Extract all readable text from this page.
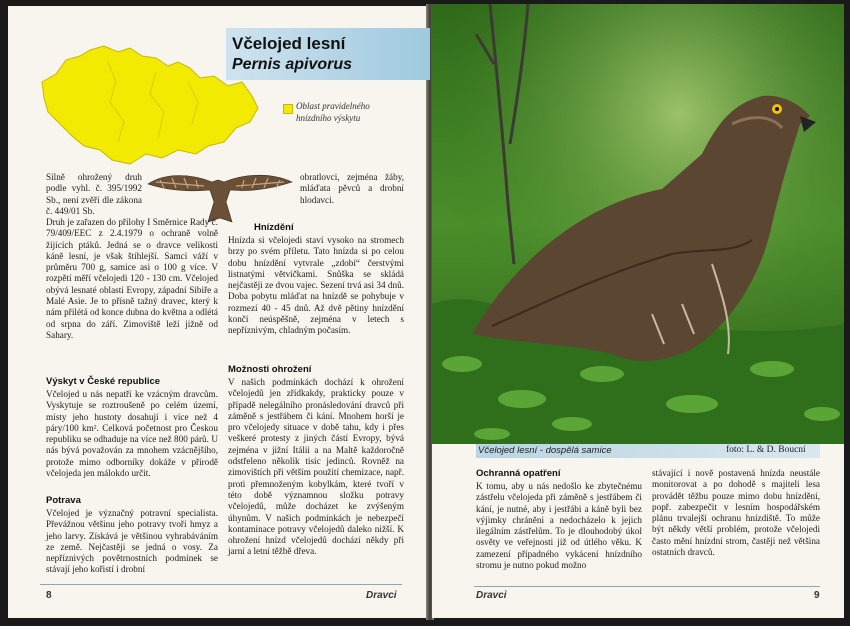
Včelojed lesní
Pernis apivorus
Oblast pravidelného hnízdního výskytu
Silně ohrožený druh podle vyhl. č. 395/1992 Sb., není zvěří dle zákona č. 449/01 Sb.
Druh je zařazen do přílohy I Směrnice Rady č. 79/409/EEC z 2.4.1979 o ochraně volně žijících ptáků. Jedná se o dravce velikosti káně lesní, je však štíhlejší. Samci váží v průměru 700 g, samice asi o 100 g více. V rozpětí měří včelojedi 120 - 130 cm. Včelojed obývá lesnaté oblasti Evropy, západní Sibiře a Malé Asie. Je to přísně tažný dravec, který k nám přilétá od konce dubna do května a odlétá od srpna do září. Zimoviště leží jižně od Sahary.
Výskyt v České republice
Včelojed u nás nepatří ke vzácným dravcům. Vyskytuje se roztroušeně po celém území, místy jeho hustoty dosahují i více než 4 páry/100 km². Celková početnost pro Českou republiku se odhaduje na více než 800 párů. U nás bývá považován za mnohem vzácnějšího, protože mimo odborníky dokáže v přírodě včelojeda jen málokdo určit.
Potrava
Včelojed je význačný potravní specialista. Převážnou většinu jeho potravy tvoří hmyz a jeho larvy. Získává je většinou vyhrabáváním ze země. Nejčastěji se jedná o vosy. Za nepříznivých povětrnostních podmínek se stávají jeho kořistí i drobní
obratlovci, zejména žáby, mláďata pěvců a drobní hlodavci.
Hnízdění
Hnízda si včelojedi staví vysoko na stromech brzy po svém příletu. Tato hnízda si po celou dobu hnízdění vytvrale „zdobí“ čerstvými listnatými větvičkami. Snůška se skládá nejčastěji ze dvou vajec. Sezení trvá asi 34 dnů. Doba pobytu mláďat na hnízdě se pohybuje v rozmezí 40 - 45 dnů. Až dvě pětiny hnízdění končí neúspěšně, zejména v letech s nepříznivým, chladným počasím.
Možnosti ohrožení
V našich podmínkách dochází k ohrožení včelojedů jen zřídkakdy, prakticky pouze v případě nelegálního pronásledování dravců při záměně s jestřábem či kání. Mnohem horší je pro včelojedy situace v době tahu, kdy i přes veškeré protesty z jiných částí Evropy, bývá zejména v jižní Itálii a na Maltě každoročně odstřeleno několik tisíc jedinců. Rovněž na zimovištích při větším použití chemizace, např. proti přemnoženým kobylkám, které tvoří v této době významnou složku potravy včelojedů, může docházet ke zvýšeným úhynům. V našich podmínkách je nebezpečí kontaminace potravy včelojedů daleko nižší. K ohrožení hnízd včelojedů dochází někdy při jarní a letní těžbě dřeva.
8	Dravci
Včelojed lesní - dospělá samice	foto: L. & D. Boucní
Ochranná opatření
K tomu, aby u nás nedošlo ke zbytečnému zástřelu včelojeda při záměně s jestřábem či kání, je nutné, aby i jestřábi a káně byli bez výjimky chráněni a nedocházelo k jejich ilegálním zástřelům. To je dlouhodobý úkol osvěty ve veřejnosti již od útlého věku. K zamezení případného vykácení hnízdního stromu je nutno pokud možno
stávající i nově postavená hnízda neustále monitorovat a po dohodě s majiteli lesa provádět těžbu pouze mimo dobu hnízdění, popř. zabezpečit v lesním hospodářském plánu trvalejší ochranu hnízdiště. To může být někdy větší problém, protože včelojedi často mění hnízdní strom, častěji než většina ostatních dravců.
Dravci	9
